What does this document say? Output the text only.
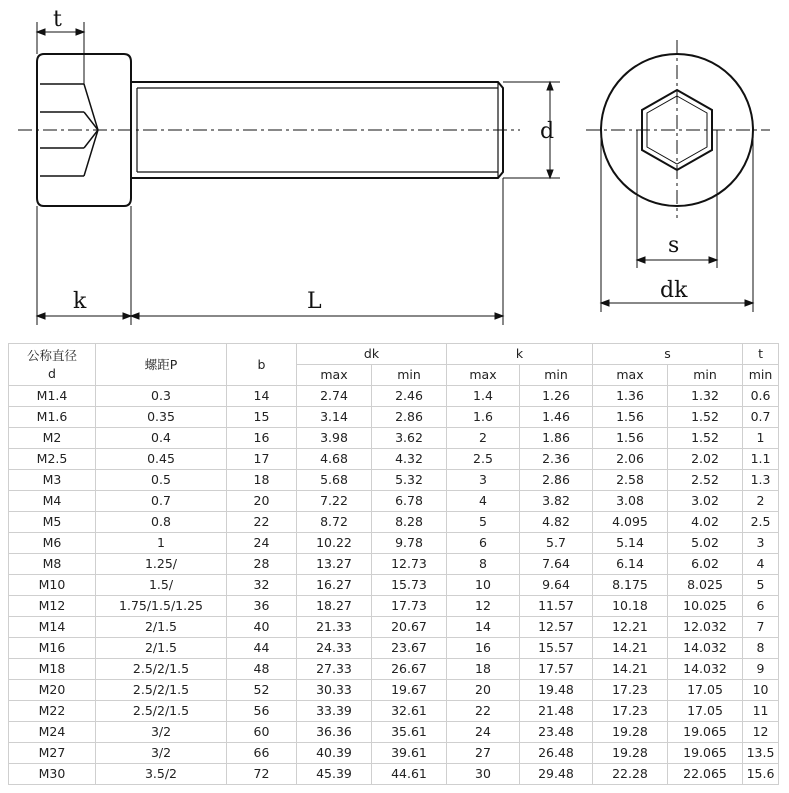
t
d
k	L
s
dk
公称直径
d	螺距P	b	dk		k		s		t
			max	min	max	min	max	min	min
M1.4	0.3	14	2.74	2.46	1.4	1.26	1.36	1.32	0.6
M1.6	0.35	15	3.14	2.86	1.6	1.46	1.56	1.52	0.7
M2	0.4	16	3.98	3.62	2	1.86	1.56	1.52	1
M2.5	0.45	17	4.68	4.32	2.5	2.36	2.06	2.02	1.1
M3	0.5	18	5.68	5.32	3	2.86	2.58	2.52	1.3
M4	0.7	20	7.22	6.78	4	3.82	3.08	3.02	2
M5	0.8	22	8.72	8.28	5	4.82	4.095	4.02	2.5
M6	1	24	10.22	9.78	6	5.7	5.14	5.02	3
M8	1.25/	28	13.27	12.73	8	7.64	6.14	6.02	4
M10	1.5/	32	16.27	15.73	10	9.64	8.175	8.025	5
M12	1.75/1.5/1.25	36	18.27	17.73	12	11.57	10.18	10.025	6
M14	2/1.5	40	21.33	20.67	14	12.57	12.21	12.032	7
M16	2/1.5	44	24.33	23.67	16	15.57	14.21	14.032	8
M18	2.5/2/1.5	48	27.33	26.67	18	17.57	14.21	14.032	9
M20	2.5/2/1.5	52	30.33	19.67	20	19.48	17.23	17.05	10
M22	2.5/2/1.5	56	33.39	32.61	22	21.48	17.23	17.05	11
M24	3/2	60	36.36	35.61	24	23.48	19.28	19.065	12
M27	3/2	66	40.39	39.61	27	26.48	19.28	19.065	13.5
M30	3.5/2	72	45.39	44.61	30	29.48	22.28	22.065	15.6
